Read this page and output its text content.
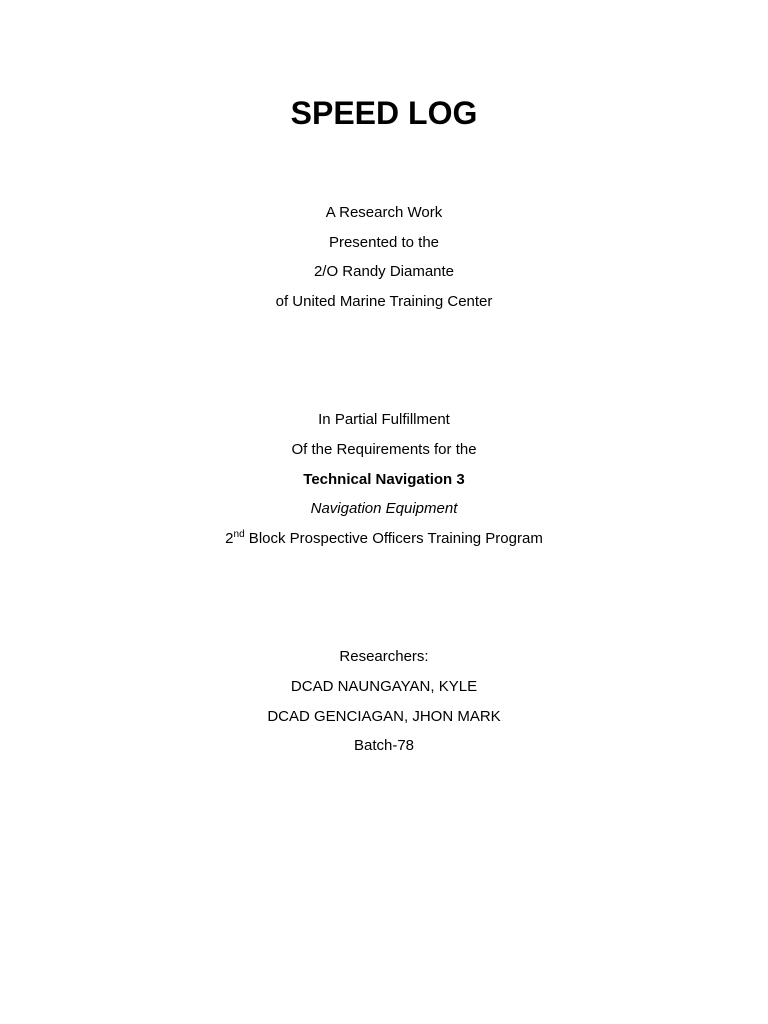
SPEED LOG
A Research Work
Presented to the
2/O Randy Diamante
of United Marine Training Center
In Partial Fulfillment
Of the Requirements for the
Technical Navigation 3
Navigation Equipment
2nd Block Prospective Officers Training Program
Researchers:
DCAD NAUNGAYAN, KYLE
DCAD GENCIAGAN, JHON MARK
Batch-78
